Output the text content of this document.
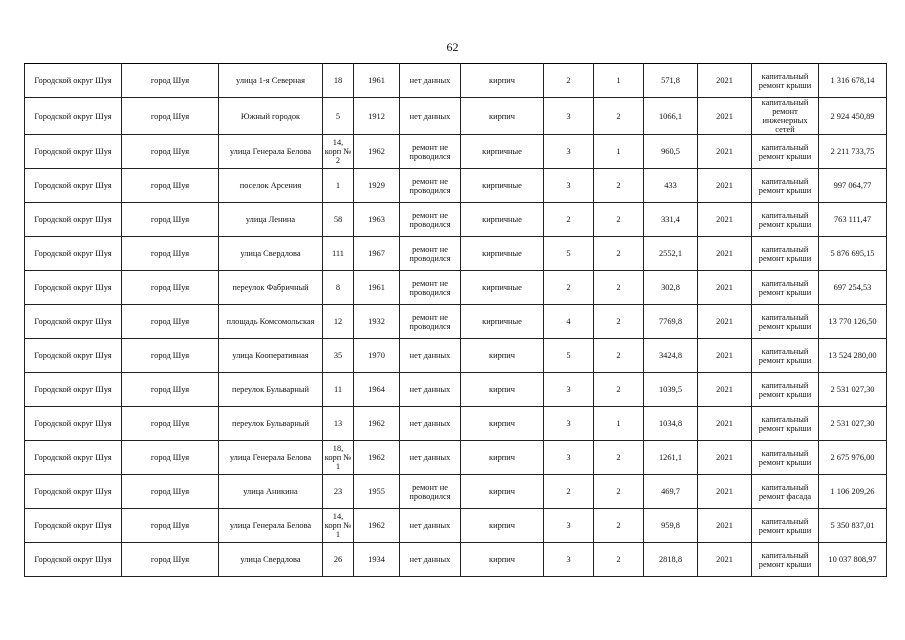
62
Городской округ Шуя	город Шуя	улица 1-я Северная	18	1961	нет данных	кирпич	2	1	571,8	2021	капитальный ремонт крыши	1 316 678,14
Городской округ Шуя	город Шуя	Южный городок	5	1912	нет данных	кирпич	3	2	1066,1	2021	капитальный ремонт инженерных сетей	2 924 450,89
Городской округ Шуя	город Шуя	улица Генерала Белова	14, корп № 2	1962	ремонт не проводился	кирпичные	3	1	960,5	2021	капитальный ремонт крыши	2 211 733,75
Городской округ Шуя	город Шуя	поселок Арсения	1	1929	ремонт не проводился	кирпичные	3	2	433	2021	капитальный ремонт крыши	997 064,77
Городской округ Шуя	город Шуя	улица Ленина	58	1963	ремонт не проводился	кирпичные	2	2	331,4	2021	капитальный ремонт крыши	763 111,47
Городской округ Шуя	город Шуя	улица Свердлова	111	1967	ремонт не проводился	кирпичные	5	2	2552,1	2021	капитальный ремонт крыши	5 876 695,15
Городской округ Шуя	город Шуя	переулок Фабричный	8	1961	ремонт не проводился	кирпичные	2	2	302,8	2021	капитальный ремонт крыши	697 254,53
Городской округ Шуя	город Шуя	площадь Комсомольская	12	1932	ремонт не проводился	кирпичные	4	2	7769,8	2021	капитальный ремонт крыши	13 770 126,50
Городской округ Шуя	город Шуя	улица Кооперативная	35	1970	нет данных	кирпич	5	2	3424,8	2021	капитальный ремонт крыши	13 524 280,00
Городской округ Шуя	город Шуя	переулок Бульварный	11	1964	нет данных	кирпич	3	2	1039,5	2021	капитальный ремонт крыши	2 531 027,30
Городской округ Шуя	город Шуя	переулок Бульварный	13	1962	нет данных	кирпич	3	1	1034,8	2021	капитальный ремонт крыши	2 531 027,30
Городской округ Шуя	город Шуя	улица Генерала Белова	18, корп № 1	1962	нет данных	кирпич	3	2	1261,1	2021	капитальный ремонт крыши	2 675 976,00
Городской округ Шуя	город Шуя	улица Аникина	23	1955	ремонт не проводился	кирпич	2	2	469,7	2021	капитальный ремонт фасада	1 106 209,26
Городской округ Шуя	город Шуя	улица Генерала Белова	14, корп № 1	1962	нет данных	кирпич	3	2	959,8	2021	капитальный ремонт крыши	5 350 837,01
Городской округ Шуя	город Шуя	улица Свердлова	26	1934	нет данных	кирпич	3	2	2818,8	2021	капитальный ремонт крыши	10 037 808,97
